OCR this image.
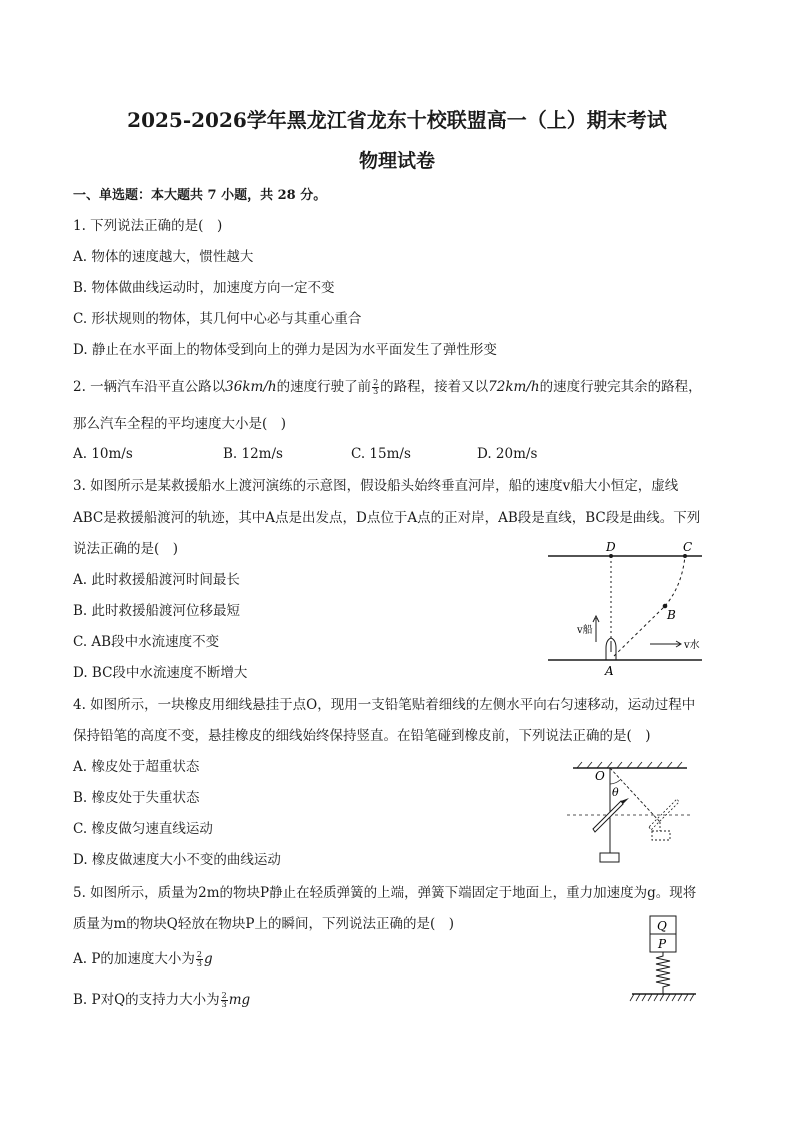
2025-2026学年黑龙江省龙东十校联盟高一（上）期末考试
物理试卷
一、单选题：本大题共 7 小题，共 28 分。
1. 下列说法正确的是(　)
A. 物体的速度越大，惯性越大
B. 物体做曲线运动时，加速度方向一定不变
C. 形状规则的物体，其几何中心必与其重心重合
D. 静止在水平面上的物体受到向上的弹力是因为水平面发生了弹性形变
2. 一辆汽车沿平直公路以36km/h的速度行驶了前 $\frac{2}{3}$ 的路程，接着又以72km/h的速度行驶完其余的路程，
那么汽车全程的平均速度大小是(　)
A. 10m/s	B. 12m/s	C. 15m/s	D. 20m/s
3. 如图所示是某救援船水上渡河演练的示意图，假设船头始终垂直河岸，船的速度v船大小恒定，虚线
ABC是救援船渡河的轨迹，其中A点是出发点，D点位于A点的正对岸，AB段是直线，BC段是曲线。下列
说法正确的是(　)
A. 此时救援船渡河时间最长
B. 此时救援船渡河位移最短
C. AB段中水流速度不变
D. BC段中水流速度不断增大
D	C
B
A
v船
v水
4. 如图所示，一块橡皮用细线悬挂于点O，现用一支铅笔贴着细线的左侧水平向右匀速移动，运动过程中
保持铅笔的高度不变，悬挂橡皮的细线始终保持竖直。在铅笔碰到橡皮前，下列说法正确的是(　)
A. 橡皮处于超重状态
B. 橡皮处于失重状态
C. 橡皮做匀速直线运动
D. 橡皮做速度大小不变的曲线运动
O
θ
5. 如图所示，质量为2m的物块P静止在轻质弹簧的上端，弹簧下端固定于地面上，重力加速度为g。现将
质量为m的物块Q轻放在物块P上的瞬间，下列说法正确的是(　)
A. P的加速度大小为 $\frac{2}{3}$ g
B. P对Q的支持力大小为 $\frac{2}{3}$ mg
Q
P
